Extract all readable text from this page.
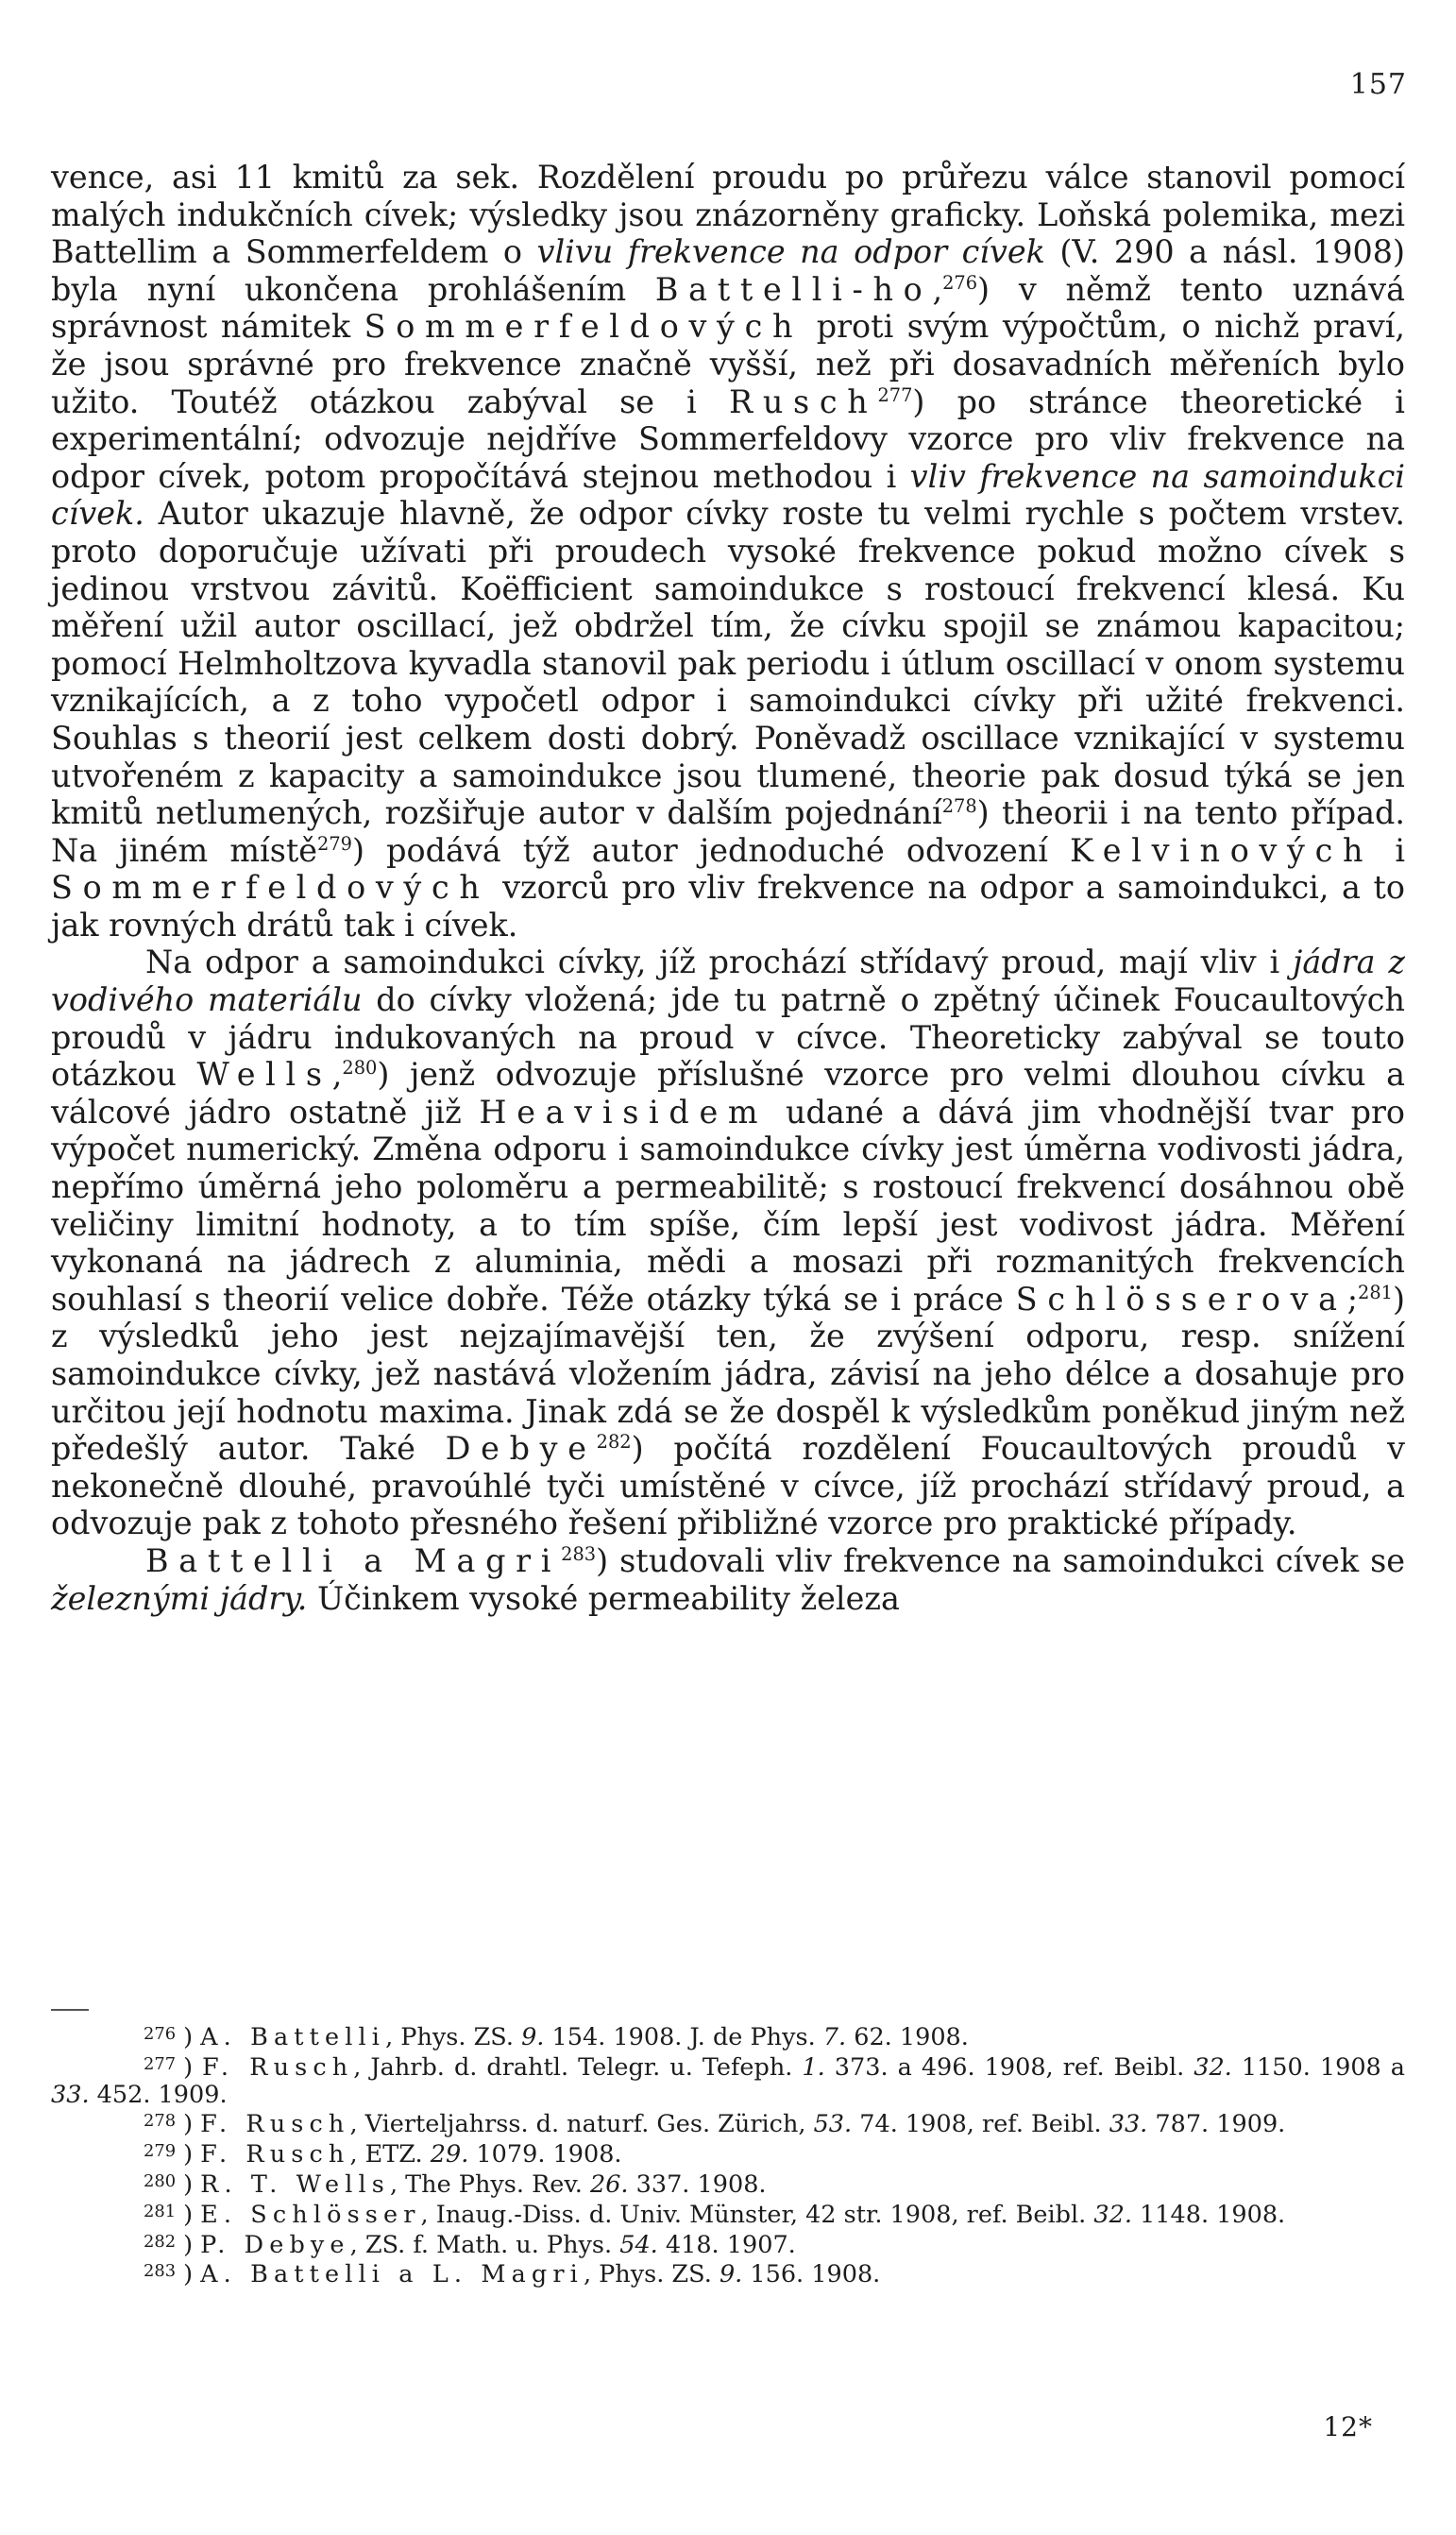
157

vence, asi 11 kmitů za sek. Rozdělení proudu po průřezu válce stanovil pomocí malých indukčních cívek; výsledky jsou znázorněny graficky. Loňská polemika, mezi Battellim a Sommerfeldem o vlivu frekvence na odpor cívek (V. 290 a násl. 1908) byla nyní ukončena prohlášením Battelli-ho,$^{276}$) v němž tento uznává správnost námitek Sommerfeldových proti svým výpočtům, o nichž praví, že jsou správné pro frekvence značně vyšší, než při dosavadních měřeních bylo užito. Toutéž otázkou zabýval se i Rusch$^{277}$) po stránce theoretické i experimentální; odvozuje nejdříve Sommerfeldovy vzorce pro vliv frekvence na odpor cívek, potom propočítává stejnou methodou i vliv frekvence na samoindukci cívek. Autor ukazuje hlavně, že odpor cívky roste tu velmi rychle s počtem vrstev. proto doporučuje užívati při proudech vysoké frekvence pokud možno cívek s jedinou vrstvou závitů. Koëfficient samoindukce s rostoucí frekvencí klesá. Ku měření užil autor oscillací, jež obdržel tím, že cívku spojil se známou kapacitou; pomocí Helmholtzova kyvadla stanovil pak periodu i útlum oscillací v onom systemu vznikajících, a z toho vypočetl odpor i samoindukci cívky při užité frekvenci. Souhlas s theorií jest celkem dosti dobrý. Poněvadž oscillace vznikající v systemu utvořeném z kapacity a samoindukce jsou tlumené, theorie pak dosud týká se jen kmitů netlumených, rozšiřuje autor v dalším pojednání$^{278}$) theorii i na tento případ. Na jiném místě$^{279}$) podává týž autor jednoduché odvození Kelvinových i Sommerfeldových vzorců pro vliv frekvence na odpor a samoindukci, a to jak rovných drátů tak i cívek.

Na odpor a samoindukci cívky, jíž prochází střídavý proud, mají vliv i jádra z vodivého materiálu do cívky vložená; jde tu patrně o zpětný účinek Foucaultových proudů v jádru indukovaných na proud v cívce. Theoreticky zabýval se touto otázkou Wells,$^{280}$) jenž odvozuje příslušné vzorce pro velmi dlouhou cívku a válcové jádro ostatně již Heavisidem udané a dává jim vhodnější tvar pro výpočet numerický. Změna odporu i samoindukce cívky jest úměrna vodivosti jádra, nepřímo úměrná jeho poloměru a permeabilitě; s rostoucí frekvencí dosáhnou obě veličiny limitní hodnoty, a to tím spíše, čím lepší jest vodivost jádra. Měření vykonaná na jádrech z aluminia, mědi a mosazi při rozmanitých frekvencích souhlasí s theorií velice dobře. Téže otázky týká se i práce Schlösserova;$^{281}$) z výsledků jeho jest nejzajímavější ten, že zvýšení odporu, resp. snížení samoindukce cívky, jež nastává vložením jádra, závisí na jeho délce a dosahuje pro určitou její hodnotu maxima. Jinak zdá se že dospěl k výsledkům poněkud jiným než předešlý autor. Také Debye$^{282}$) počítá rozdělení Foucaultových proudů v nekonečně dlouhé, pravoúhlé tyči umístěné v cívce, jíž prochází střídavý proud, a odvozuje pak z tohoto přesného řešení přibližné vzorce pro praktické případy.

Battelli a Magri$^{283}$) studovali vliv frekvence na samoindukci cívek se železnými jádry. Účinkem vysoké permeability železa

$^{276}$ ) A. Battelli, Phys. ZS. 9. 154. 1908. J. de Phys. 7. 62. 1908.

$^{277}$ ) F. Rusch, Jahrb. d. drahtl. Telegr. u. Tefeph. 1. 373. a 496. 1908, ref. Beibl. 32. 1150. 1908 a 33. 452. 1909.

$^{278}$ ) F. Rusch, Vierteljahrss. d. naturf. Ges. Zürich, 53. 74. 1908, ref. Beibl. 33. 787. 1909.

$^{279}$ ) F. Rusch, ETZ. 29. 1079. 1908.

$^{280}$ ) R. T. Wells, The Phys. Rev. 26. 337. 1908.

$^{281}$ ) E. Schlösser, Inaug.-Diss. d. Univ. Münster, 42 str. 1908, ref. Beibl. 32. 1148. 1908.

$^{282}$ ) P. Debye, ZS. f. Math. u. Phys. 54. 418. 1907.

$^{283}$ ) A. Battelli a L. Magri, Phys. ZS. 9. 156. 1908.

12*
